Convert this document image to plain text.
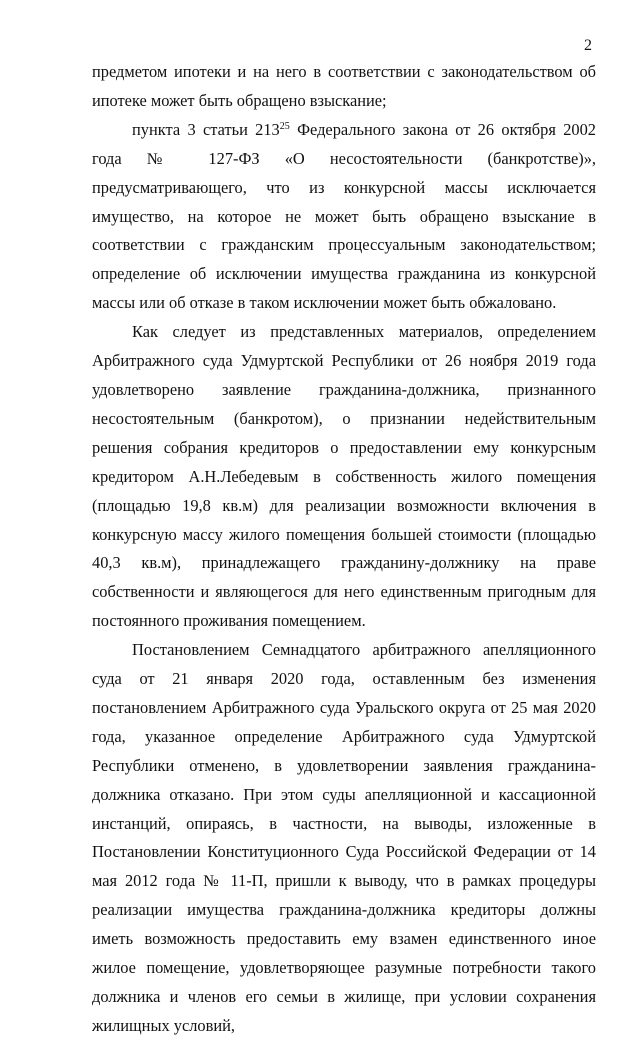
2

предметом ипотеки и на него в соответствии с законодательством об ипотеке может быть обращено взыскание;

пункта 3 статьи $213^{25}$ Федерального закона от 26 октября 2002 года № 127-ФЗ «О несостоятельности (банкротстве)», предусматривающего, что из конкурсной массы исключается имущество, на которое не может быть обращено взыскание в соответствии с гражданским процессуальным законодательством; определение об исключении имущества гражданина из конкурсной массы или об отказе в таком исключении может быть обжаловано.

Как следует из представленных материалов, определением Арбитражного суда Удмуртской Республики от 26 ноября 2019 года удовлетворено заявление гражданина-должника, признанного несостоятельным (банкротом), о признании недействительным решения собрания кредиторов о предоставлении ему конкурсным кредитором А.Н.Лебедевым в собственность жилого помещения (площадью 19,8 кв.м) для реализации возможности включения в конкурсную массу жилого помещения большей стоимости (площадью 40,3 кв.м), принадлежащего гражданину-должнику на праве собственности и являющегося для него единственным пригодным для постоянного проживания помещением.

Постановлением Семнадцатого арбитражного апелляционного суда от 21 января 2020 года, оставленным без изменения постановлением Арбитражного суда Уральского округа от 25 мая 2020 года, указанное определение Арбитражного суда Удмуртской Республики отменено, в удовлетворении заявления гражданина-должника отказано. При этом суды апелляционной и кассационной инстанций, опираясь, в частности, на выводы, изложенные в Постановлении Конституционного Суда Российской Федерации от 14 мая 2012 года № 11-П, пришли к выводу, что в рамках процедуры реализации имущества гражданина-должника кредиторы должны иметь возможность предоставить ему взамен единственного иное жилое помещение, удовлетворяющее разумные потребности такого должника и членов его семьи в жилище, при условии сохранения жилищных условий,
